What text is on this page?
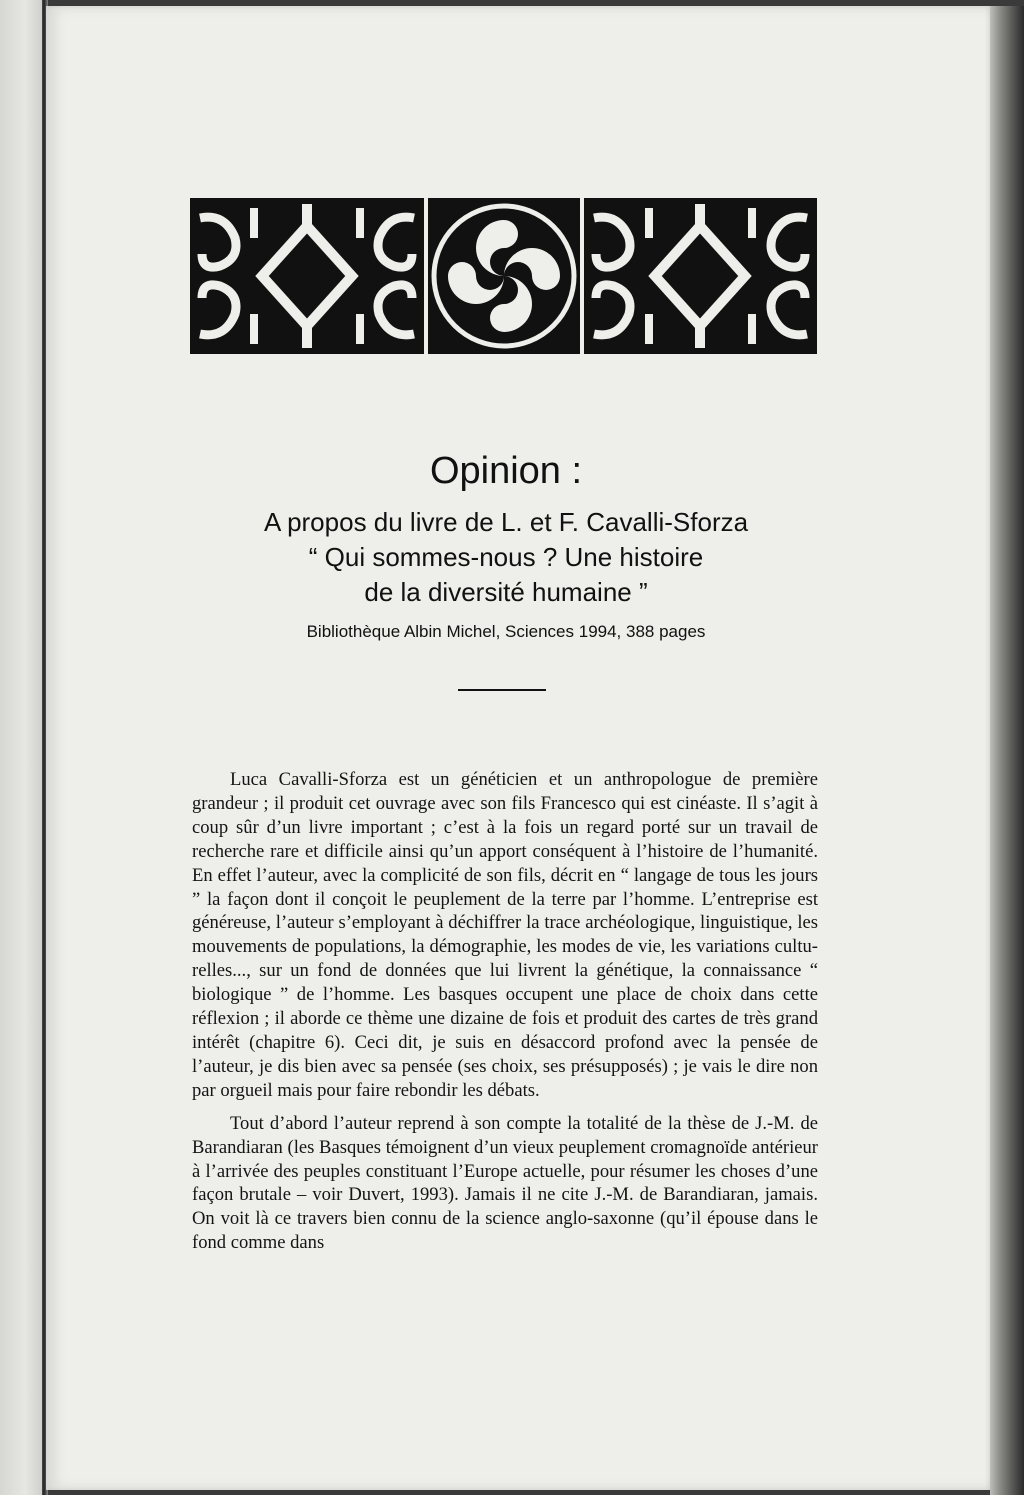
Opinion :
A propos du livre de L. et F. Cavalli-Sforza
“ Qui sommes-nous ? Une histoire
de la diversité humaine ”

Bibliothèque Albin Michel, Sciences 1994, 388 pages

Luca Cavalli-Sforza est un généticien et un anthropologue de première grandeur ; il produit cet ouvrage avec son fils Francesco qui est cinéaste. Il s’agit à coup sûr d’un livre important ; c’est à la fois un regard porté sur un travail de recherche rare et difficile ainsi qu’un apport conséquent à l’histoire de l’humanité. En effet l’auteur, avec la complicité de son fils, décrit en “ langage de tous les jours ” la façon dont il conçoit le peuplement de la terre par l’homme. L’entreprise est généreuse, l’auteur s’employant à déchiffrer la trace archéologique, linguistique, les mouvements de populations, la démographie, les modes de vie, les variations culturelles..., sur un fond de données que lui livrent la génétique, la connaissance “ biologique ” de l’homme. Les basques occupent une place de choix dans cette réflexion ; il aborde ce thème une dizaine de fois et produit des cartes de très grand intérêt (chapitre 6). Ceci dit, je suis en désaccord profond avec la pensée de l’auteur, je dis bien avec sa pensée (ses choix, ses présupposés) ; je vais le dire non par orgueil mais pour faire rebondir les débats.

Tout d’abord l’auteur reprend à son compte la totalité de la thèse de J.-M. de Barandiaran (les Basques témoignent d’un vieux peuplement cromagnoïde antérieur à l’arrivée des peuples constituant l’Europe actuelle, pour résumer les choses d’une façon brutale – voir Duvert, 1993). Jamais il ne cite J.-M. de Barandiaran, jamais. On voit là ce travers bien connu de la science anglo-saxonne (qu’il épouse dans le fond comme dans
